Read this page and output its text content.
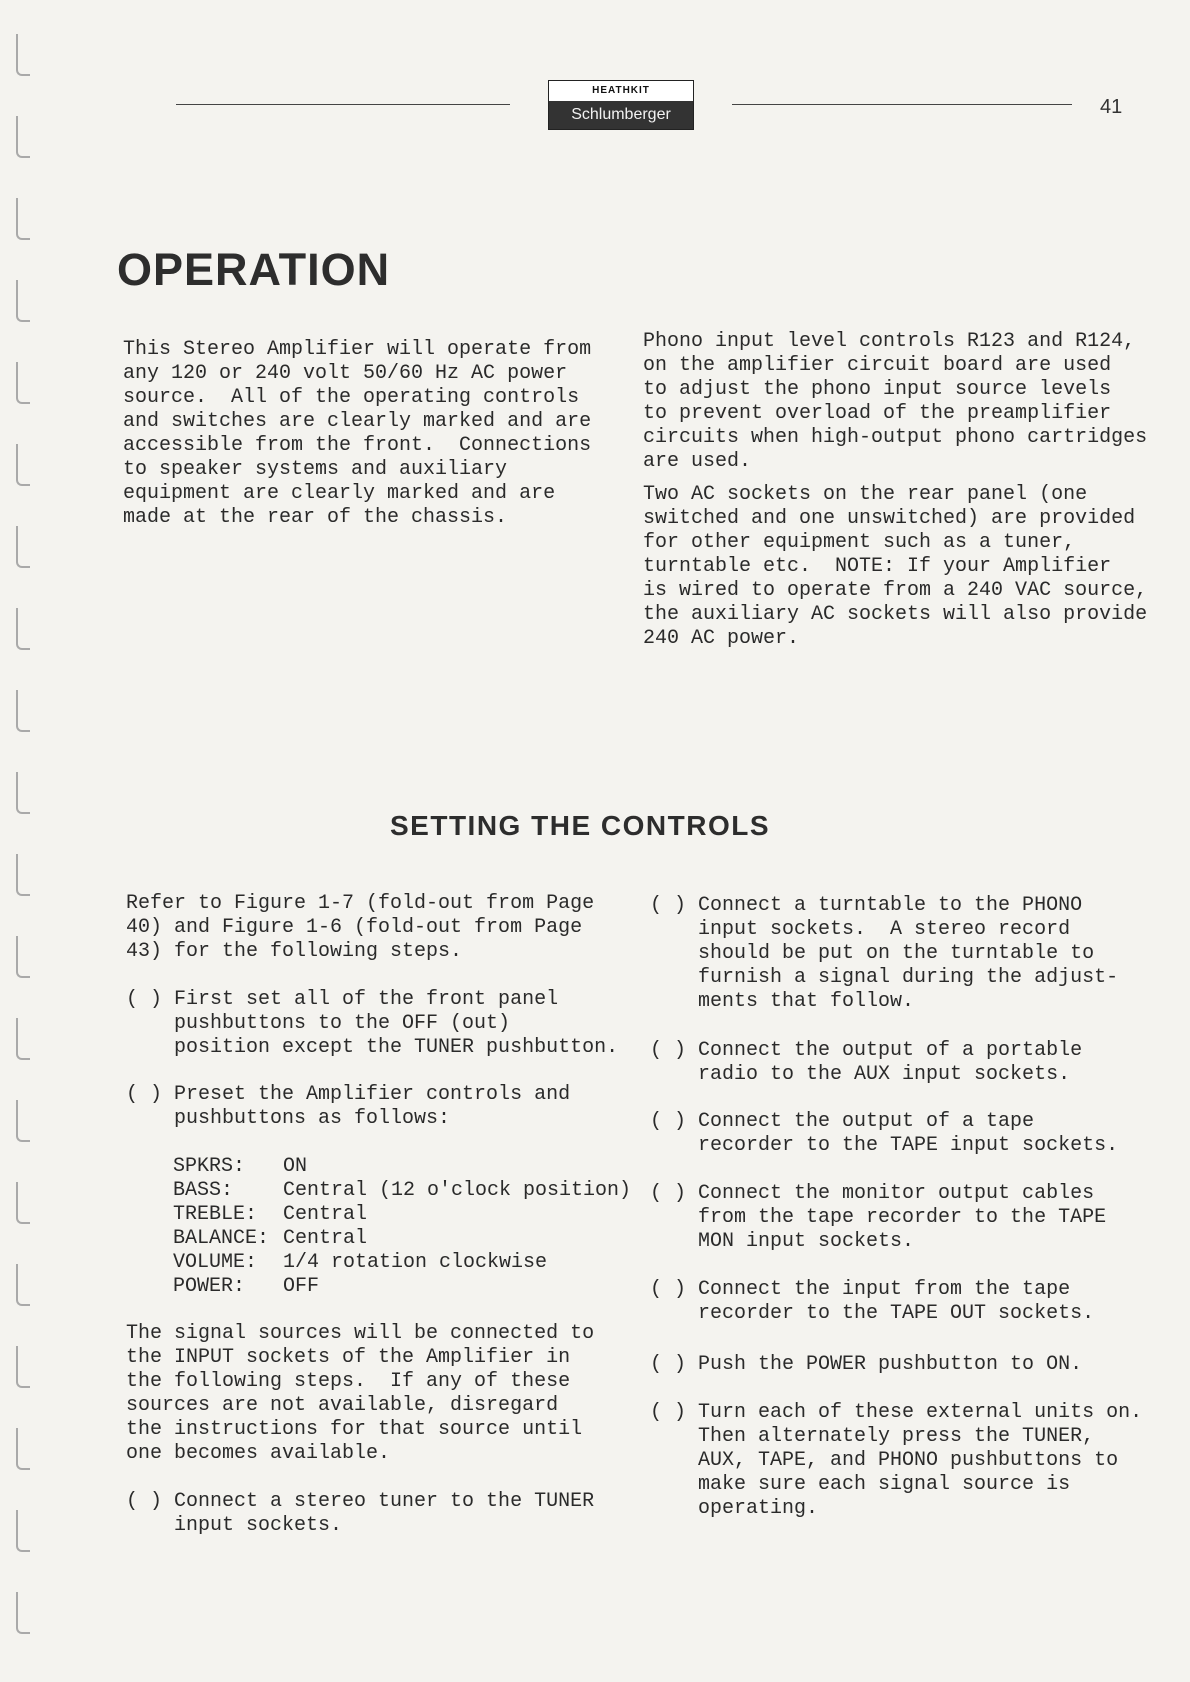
HEATHKIT
Schlumberger	41
OPERATION

This Stereo Amplifier will operate from
any 120 or 240 volt 50/60 Hz AC power
source.  All of the operating controls
and switches are clearly marked and are
accessible from the front.  Connections
to speaker systems and auxiliary
equipment are clearly marked and are
made at the rear of the chassis.

Phono input level controls R123 and R124,
on the amplifier circuit board are used
to adjust the phono input source levels
to prevent overload of the preamplifier
circuits when high-output phono cartridges
are used.

Two AC sockets on the rear panel (one
switched and one unswitched) are provided
for other equipment such as a tuner,
turntable etc.  NOTE: If your Amplifier
is wired to operate from a 240 VAC source,
the auxiliary AC sockets will also provide
240 AC power.

SETTING THE CONTROLS

Refer to Figure 1-7 (fold-out from Page
40) and Figure 1-6 (fold-out from Page
43) for the following steps.

( ) First set all of the front panel
pushbuttons to the OFF (out)
position except the TUNER pushbutton.

( ) Preset the Amplifier controls and
pushbuttons as follows:

SPKRS: ON
BASS: Central (12 o'clock position)
TREBLE: Central
BALANCE: Central
VOLUME: 1/4 rotation clockwise
POWER: OFF

The signal sources will be connected to
the INPUT sockets of the Amplifier in
the following steps.  If any of these
sources are not available, disregard
the instructions for that source until
one becomes available.

( ) Connect a stereo tuner to the TUNER
input sockets.

( ) Connect a turntable to the PHONO
input sockets.  A stereo record
should be put on the turntable to
furnish a signal during the adjust-
ments that follow.

( ) Connect the output of a portable
radio to the AUX input sockets.

( ) Connect the output of a tape
recorder to the TAPE input sockets.

( ) Connect the monitor output cables
from the tape recorder to the TAPE
MON input sockets.

( ) Connect the input from the tape
recorder to the TAPE OUT sockets.

( ) Push the POWER pushbutton to ON.

( ) Turn each of these external units on.
Then alternately press the TUNER,
AUX, TAPE, and PHONO pushbuttons to
make sure each signal source is
operating.
